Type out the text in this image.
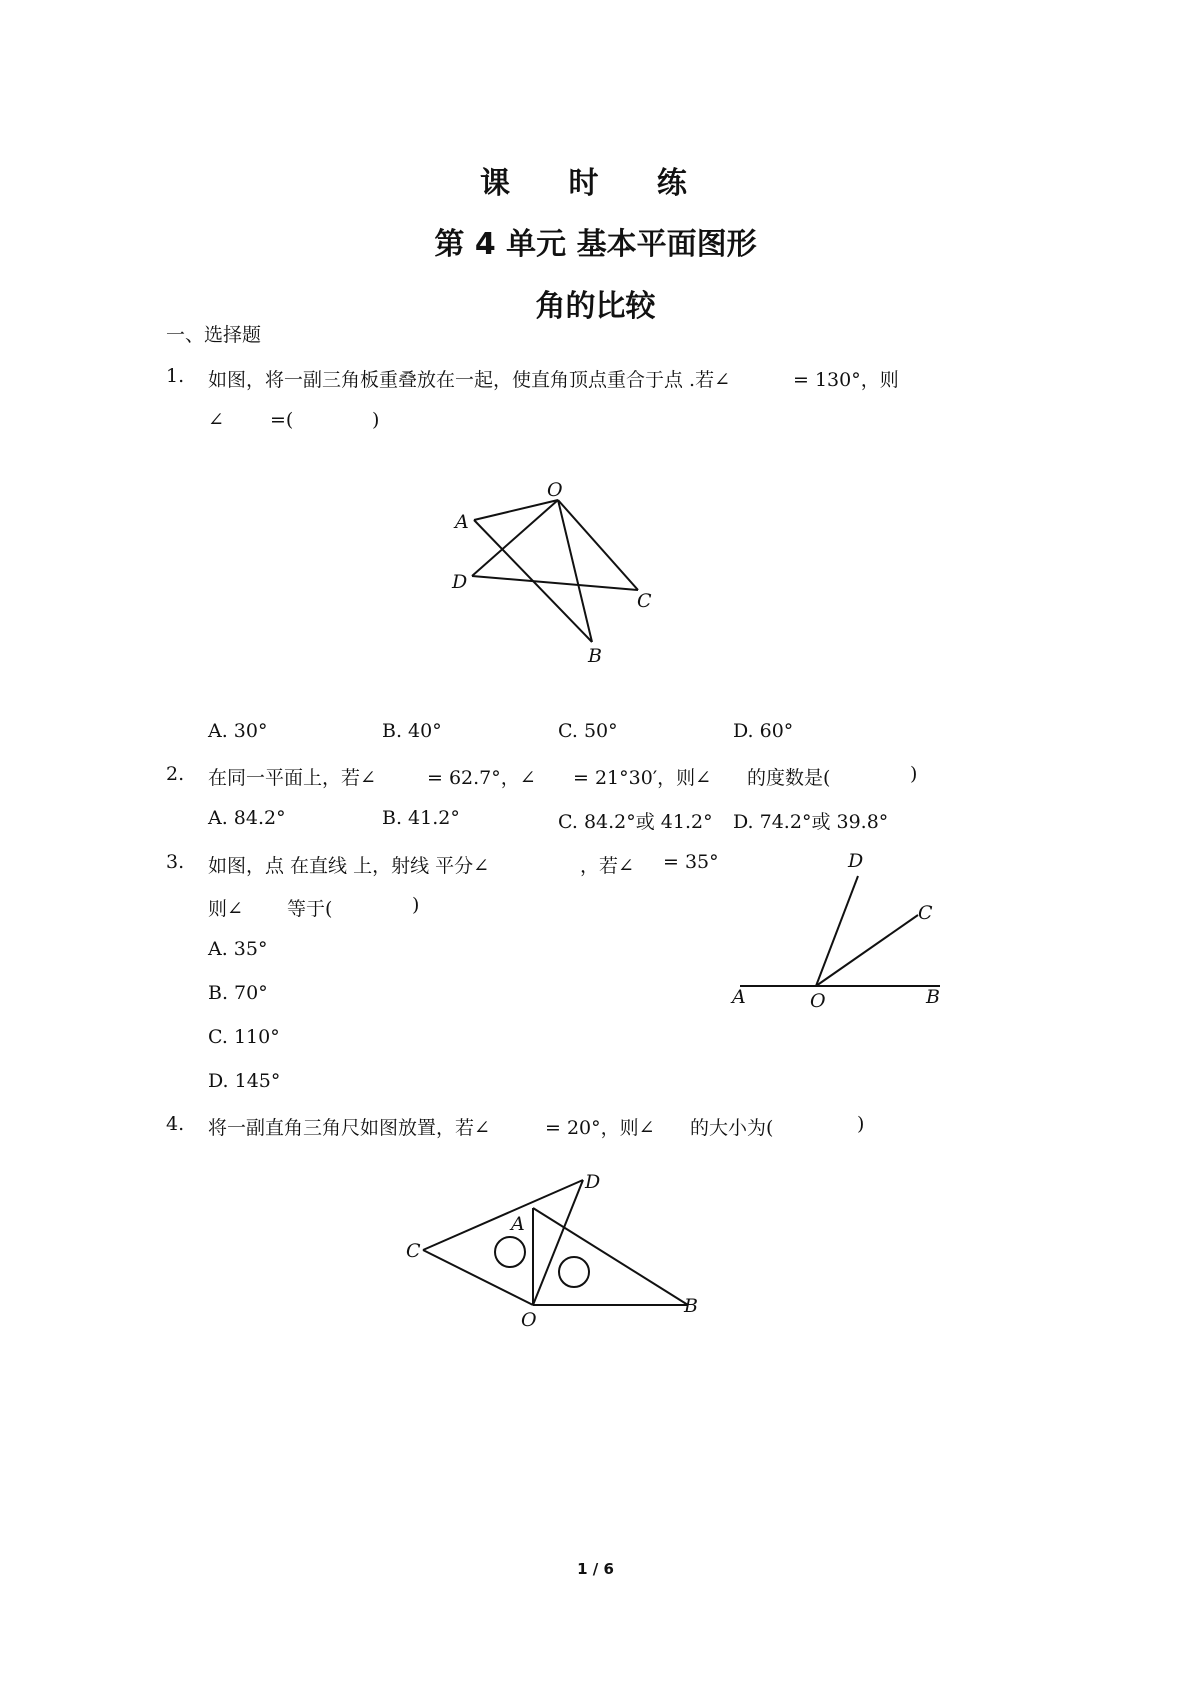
课 时 练
第 4 单元 基本平面图形
角的比较
一、选择题
1. 如图，将一副三角板重叠放在一起，使直角顶点重合于点 .若∠	= 130°，则
∠ =(	)
A
O
D
C
B
A. 30°	B. 40°	C. 50°	D. 60°
2. 在同一平面上，若∠	= 62.7°，∠ = 21°30′，则∠ 的度数是(	)
A. 84.2°	B. 41.2°	C. 84.2°或 41.2° D. 74.2°或 39.8°
3. 如图，点 在直线 上，射线 平分∠	，若∠ = 35°
则∠ 等于(	)
A. 35°
B. 70°
C. 110°
D. 145°
D
C
A	O	B
4. 将一副直角三角尺如图放置，若∠	= 20°，则∠ 的大小为(	)
D
A
C
O
B
1 / 6
